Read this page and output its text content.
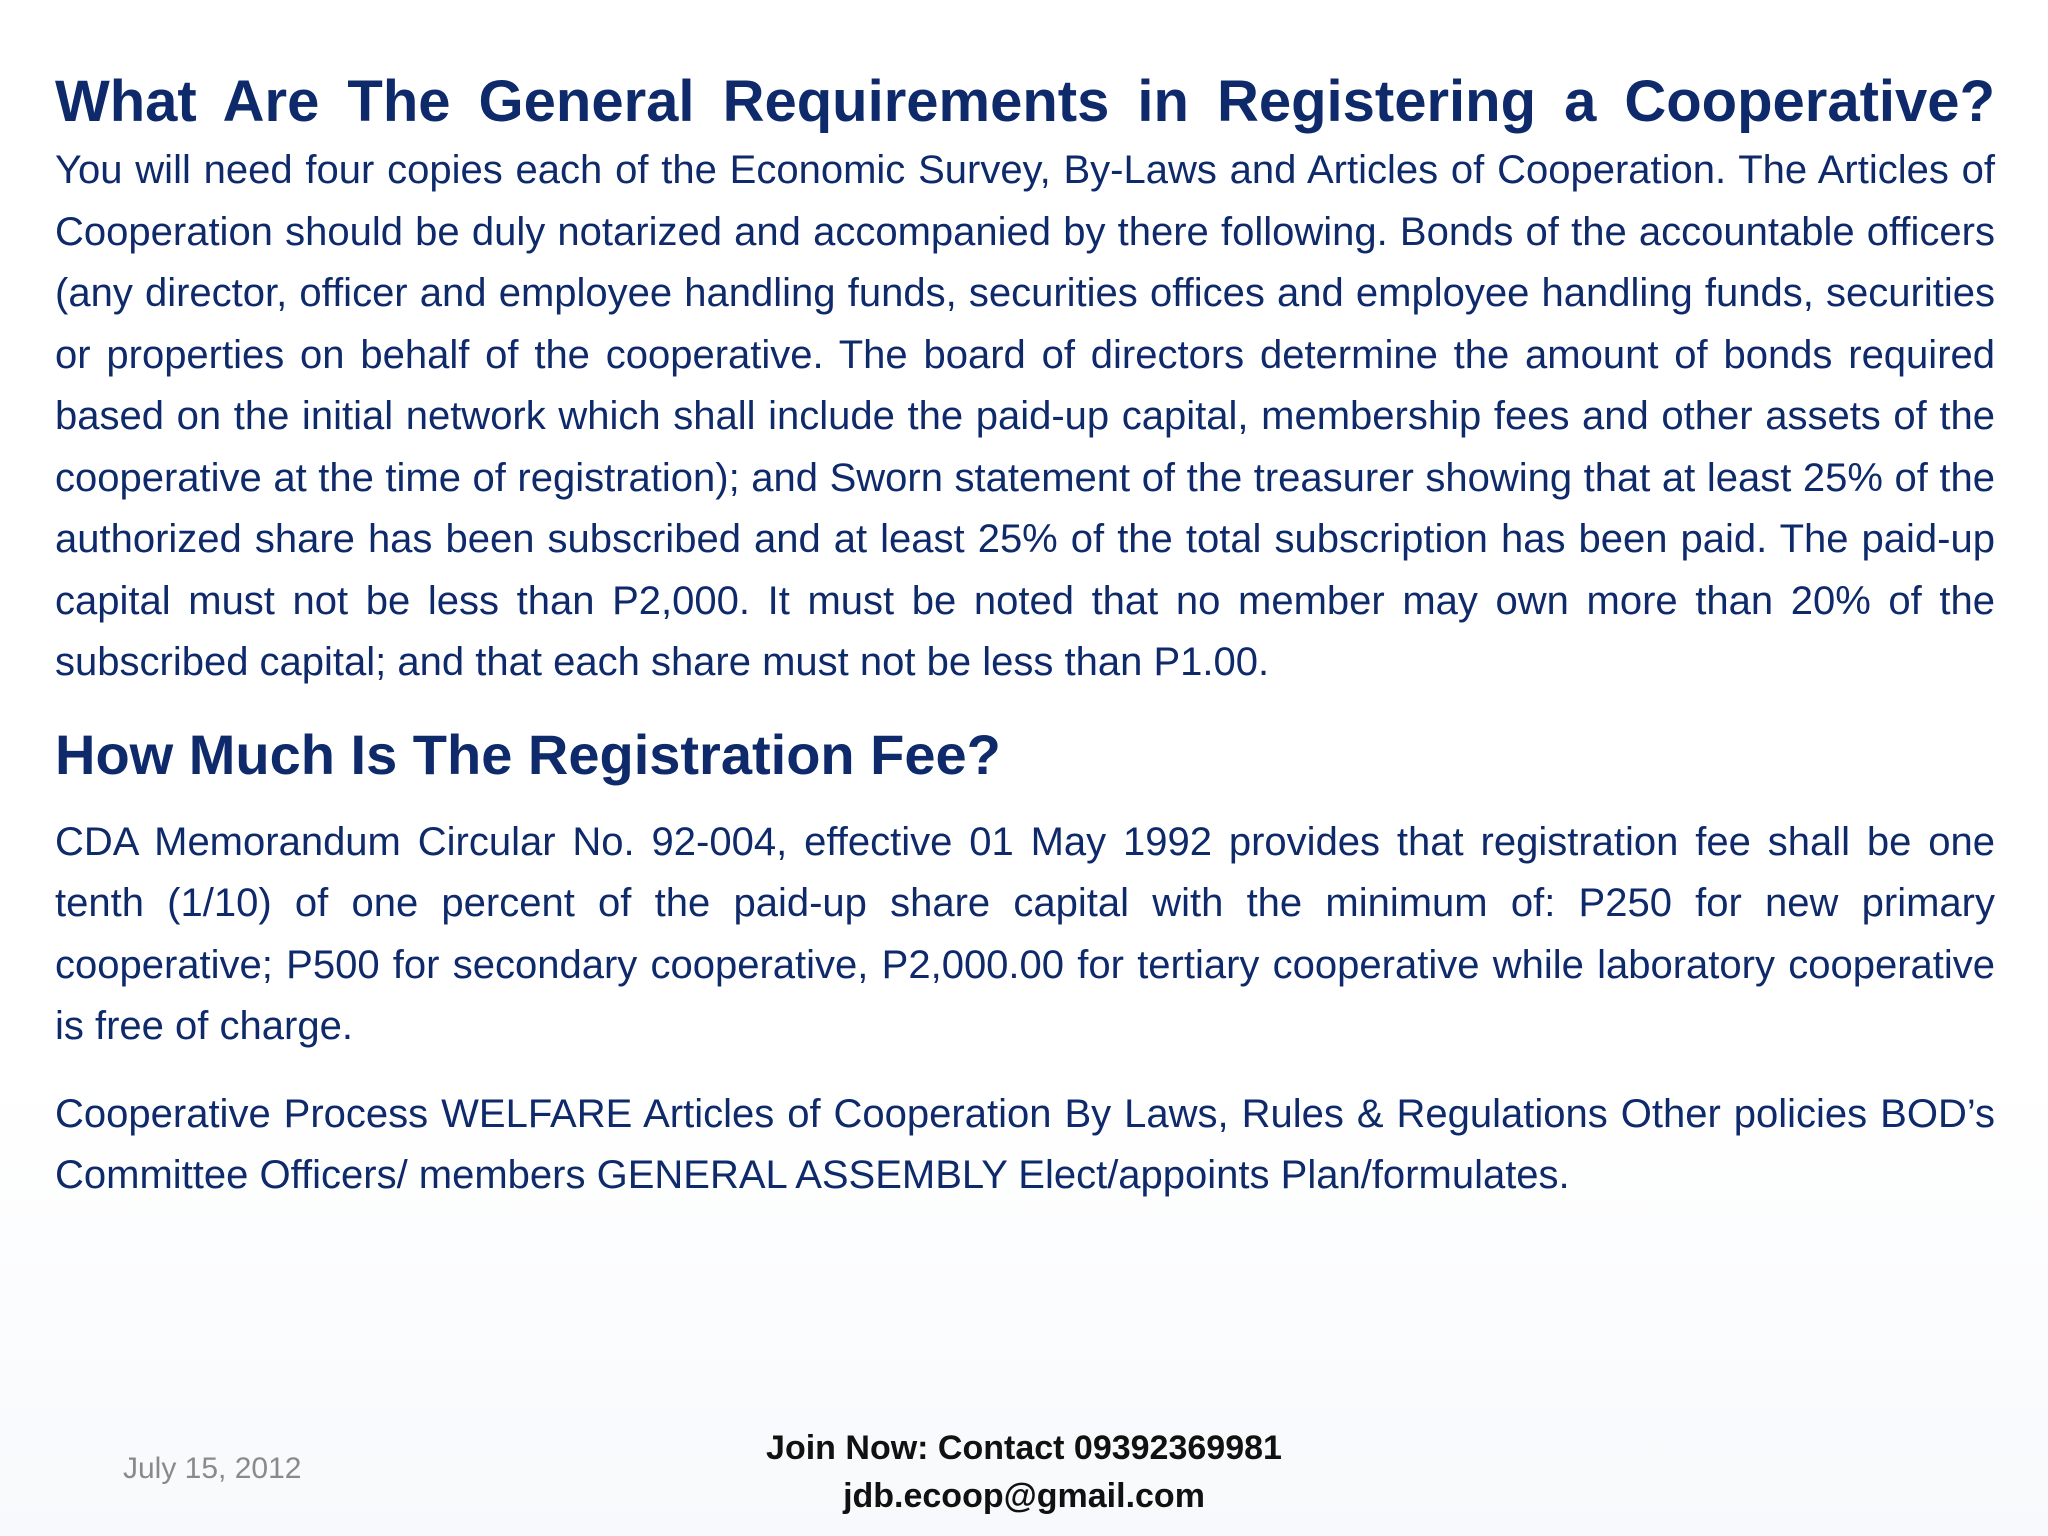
What Are The General Requirements in Registering a Cooperative?

You will need four copies each of the Economic Survey, By-Laws and Articles of Cooperation. The Articles of Cooperation should be duly notarized and accompanied by there following. Bonds of the accountable officers (any director, officer and employee handling funds, securities offices and employee handling funds, securities or properties on behalf of the cooperative. The board of directors determine the amount of bonds required based on the initial network which shall include the paid-up capital, membership fees and other assets of the cooperative at the time of registration); and Sworn statement of the treasurer showing that at least 25% of the authorized share has been subscribed and at least 25% of the total subscription has been paid. The paid-up capital must not be less than P2,000. It must be noted that no member may own more than 20% of the subscribed capital; and that each share must not be less than P1.00.

How Much Is The Registration Fee?

CDA Memorandum Circular No. 92-004, effective 01 May 1992 provides that registration fee shall be one tenth (1/10) of one percent of the paid-up share capital with the minimum of: P250 for new primary cooperative; P500 for secondary cooperative, P2,000.00 for tertiary cooperative while laboratory cooperative is free of charge.

Cooperative Process WELFARE Articles of Cooperation By Laws, Rules & Regulations Other policies BOD’s Committee Officers/ members GENERAL ASSEMBLY Elect/appoints Plan/formulates.

July 15, 2012
Join Now: Contact 09392369981
jdb.ecoop@gmail.com
